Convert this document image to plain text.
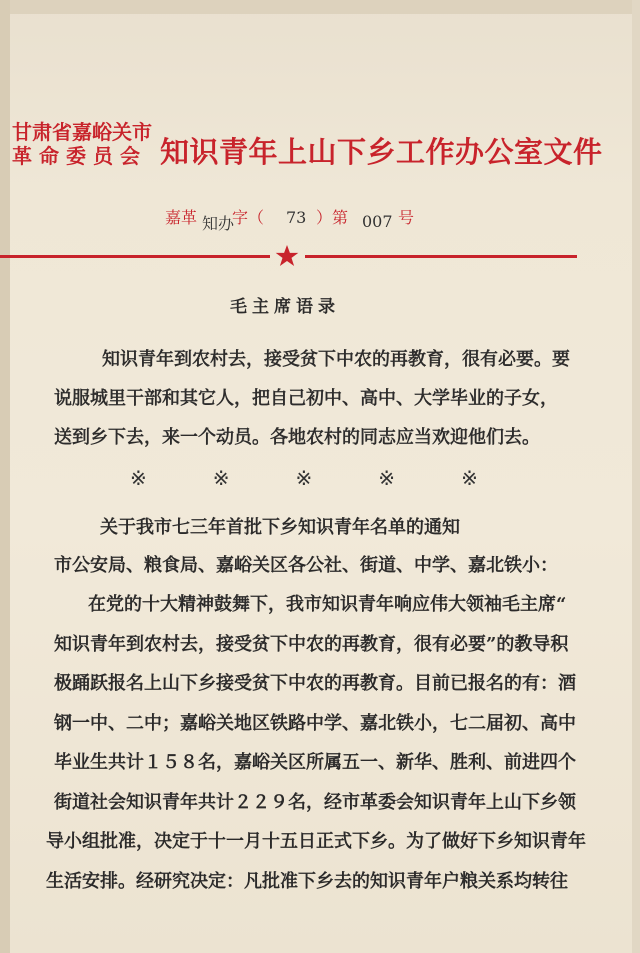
甘肃省嘉峪关市
革命委员会 知识青年上山下乡工作办公室文件
嘉革 知办
字（ 73 ）第 007 号
毛主席语录

知识青年到农村去，接受贫下中农的再教育，很有必要。要

说服城里干部和其它人，把自己初中、高中、大学毕业的子女，

送到乡下去，来一个动员。各地农村的同志应当欢迎他们去。

※	※	※	※	※
关于我市七三年首批下乡知识青年名单的通知
市公安局、粮食局、嘉峪关区各公社、街道、中学、嘉北铁小：

在党的十大精神鼓舞下，我市知识青年响应伟大领袖毛主席“

知识青年到农村去，接受贫下中农的再教育，很有必要”的教导积

极踊跃报名上山下乡接受贫下中农的再教育。目前已报名的有：酒

钢一中、二中；嘉峪关地区铁路中学、嘉北铁小，七二届初、高中

毕业生共计１５８名，嘉峪关区所属五一、新华、胜利、前进四个

街道社会知识青年共计２２９名，经市革委会知识青年上山下乡领

导小组批准，决定于十一月十五日正式下乡。为了做好下乡知识青年

生活安排。经研究决定：凡批准下乡去的知识青年户粮关系均转往
